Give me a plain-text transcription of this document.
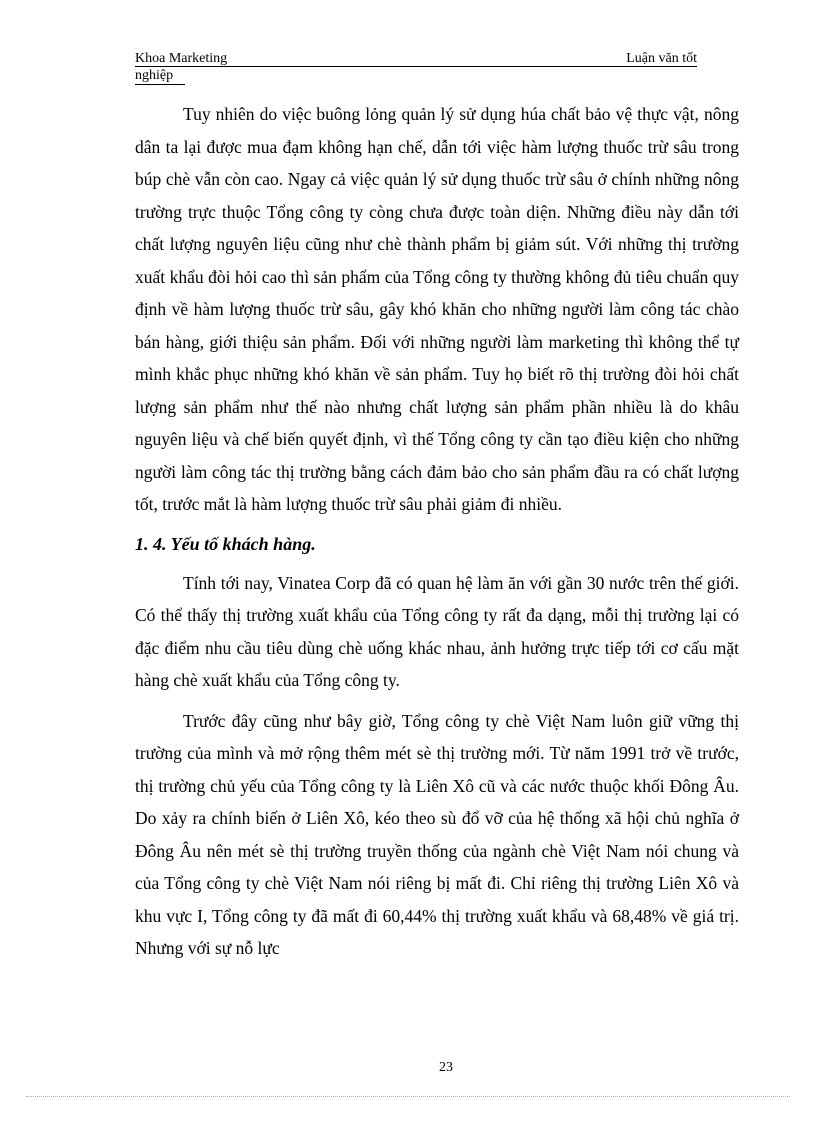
Khoa Marketing	Luận văn tốt
nghiệp

Tuy nhiên do việc buông lỏng quản lý sử dụng húa chất bảo vệ thực vật, nông dân ta lại được mua đạm không hạn chế, dẫn tới việc hàm lượng thuốc trừ sâu trong búp chè vẫn còn cao. Ngay cả việc quản lý sử dụng thuốc trừ sâu ở chính những nông trường trực thuộc Tổng công ty còng chưa được toàn diện. Những điều này dẫn tới chất lượng nguyên liệu cũng như chè thành phẩm bị giảm sút. Với những thị trường xuất khẩu đòi hỏi cao thì sản phẩm của Tổng công ty thường không đủ tiêu chuẩn quy định về hàm lượng thuốc trừ sâu, gây khó khăn cho những người làm công tác chào bán hàng, giới thiệu sản phẩm. Đối với những người làm marketing thì không thể tự mình khắc phục những khó khăn về sản phẩm. Tuy họ biết rõ thị trường đòi hỏi chất lượng sản phẩm như thế nào nhưng chất lượng sản phẩm phần nhiều là do khâu nguyên liệu và chế biến quyết định, vì thế Tổng công ty cần tạo điều kiện cho những người làm công tác thị trường bằng cách đảm bảo cho sản phẩm đầu ra có chất lượng tốt, trước mắt là hàm lượng thuốc trừ sâu phải giảm đi nhiều.

1. 4. Yếu tố khách hàng.

Tính tới nay, Vinatea Corp đã có quan hệ làm ăn với gần 30 nước trên thế giới. Có thể thấy thị trường xuất khẩu của Tổng công ty rất đa dạng, mỗi thị trường lại có đặc điểm nhu cầu tiêu dùng chè uống khác nhau, ảnh hưởng trực tiếp tới cơ cấu mặt hàng chè xuất khẩu của Tổng công ty.

Trước đây cũng như bây giờ, Tổng công ty chè Việt Nam luôn giữ vững thị trường của mình và mở rộng thêm mét sè thị trường mới. Từ năm 1991 trở về trước, thị trường chủ yếu của Tổng công ty là Liên Xô cũ và các nước thuộc khối Đông Âu. Do xảy ra chính biến ở Liên Xô, kéo theo sù đổ vỡ của hệ thống xã hội chủ nghĩa ở Đông Âu nên mét sè thị trường truyền thống của ngành chè Việt Nam nói chung và của Tổng công ty chè Việt Nam nói riêng bị mất đi. Chỉ riêng thị trường Liên Xô và khu vực I, Tổng công ty đã mất đi 60,44% thị trường xuất khẩu và 68,48% về giá trị. Nhưng với sự nỗ lực

23
